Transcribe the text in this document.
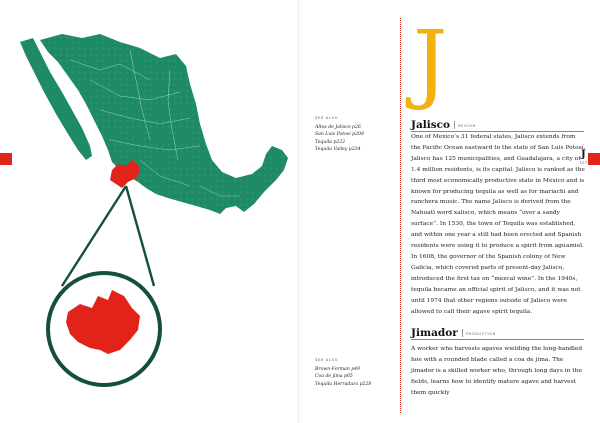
SEE ALSO
Altos de Jalisco p26
San Luis Potosí p208
Tequila p222
Tequila Valley p234
SEE ALSO
Brown-Forman p49
Coa de jima p65
Tequila Herradura p228
J
Jalisco REGION

One of Mexico’s 31 federal states, Jalisco extends from the Pacific Ocean eastward to the state of San Luis Potosí. Jalisco has 125 municipalities, and Guadalajara, a city of 1.4 million residents, is its capital. Jalisco is ranked as the third most economically productive state in Mexico and is known for producing tequila as well as for mariachi and ranchera music. The name Jalisco is derived from the Nahuatl word xalisco, which means “over a sandy surface”. In 1530, the town of Tequila was established, and within one year a still had been erected and Spanish residents were using it to produce a spirit from aguamiel. In 1608, the governor of the Spanish colony of New Galicia, which covered parts of present-day Jalisco, introduced the first tax on “mezcal wine”. In the 1940s, tequila became an official spirit of Jalisco, and it was not until 1974 that other regions outside of Jalisco were allowed to call their agave spirit tequila.

Jimador PRODUCTION

A worker who harvests agaves wielding the long-handled hoe with a rounded blade called a coa de jima. The jimador is a skilled worker who, through long days in the fields, learns how to identify mature agave and harvest them quickly

J
137
